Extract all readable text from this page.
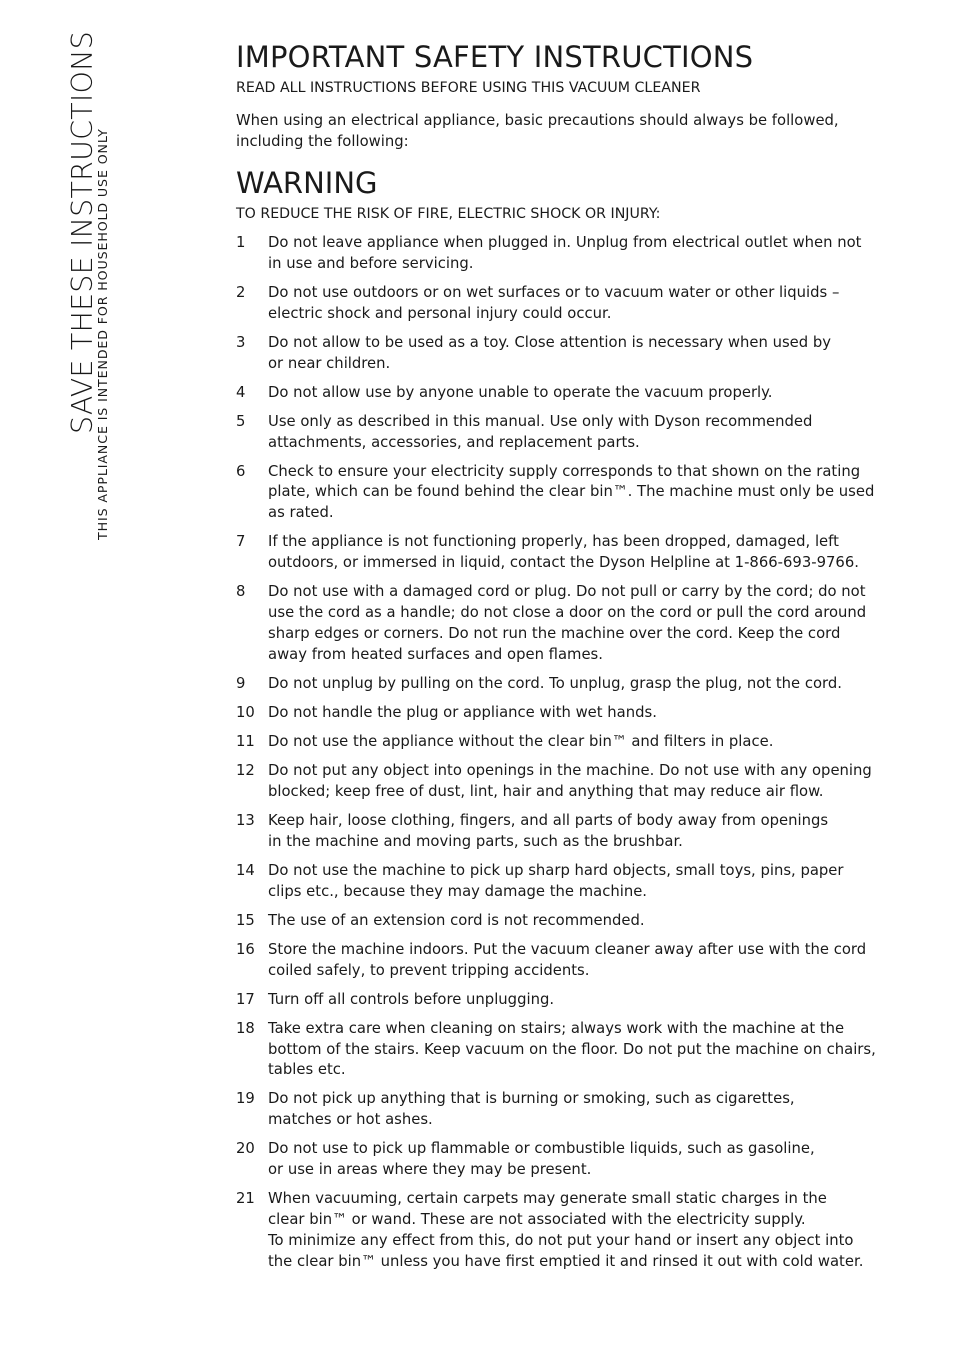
SAVE THESE INSTRUCTIONS
THIS APPLIANCE IS INTENDED FOR HOUSEHOLD USE ONLY
IMPORTANT SAFETY INSTRUCTIONS
READ ALL INSTRUCTIONS BEFORE USING THIS VACUUM CLEANER

When using an electrical appliance, basic precautions should always be followed,
including the following:

WARNING
TO REDUCE THE RISK OF FIRE, ELECTRIC SHOCK OR INJURY:
1 Do not leave appliance when plugged in. Unplug from electrical outlet when not
in use and before servicing.
2 Do not use outdoors or on wet surfaces or to vacuum water or other liquids –
electric shock and personal injury could occur.
3 Do not allow to be used as a toy. Close attention is necessary when used by
or near children.
4 Do not allow use by anyone unable to operate the vacuum properly.
5 Use only as described in this manual. Use only with Dyson recommended
attachments, accessories, and replacement parts.
6 Check to ensure your electricity supply corresponds to that shown on the rating
plate, which can be found behind the clear bin™. The machine must only be used
as rated.
7 If the appliance is not functioning properly, has been dropped, damaged, left
outdoors, or immersed in liquid, contact the Dyson Helpline at 1-866-693-9766.
8 Do not use with a damaged cord or plug. Do not pull or carry by the cord; do not
use the cord as a handle; do not close a door on the cord or pull the cord around
sharp edges or corners. Do not run the machine over the cord. Keep the cord
away from heated surfaces and open flames.
9 Do not unplug by pulling on the cord. To unplug, grasp the plug, not the cord.
10 Do not handle the plug or appliance with wet hands.
11 Do not use the appliance without the clear bin™ and filters in place.
12 Do not put any object into openings in the machine. Do not use with any opening
blocked; keep free of dust, lint, hair and anything that may reduce air flow.
13 Keep hair, loose clothing, fingers, and all parts of body away from openings
in the machine and moving parts, such as the brushbar.
14 Do not use the machine to pick up sharp hard objects, small toys, pins, paper
clips etc., because they may damage the machine.
15 The use of an extension cord is not recommended.
16 Store the machine indoors. Put the vacuum cleaner away after use with the cord
coiled safely, to prevent tripping accidents.
17 Turn off all controls before unplugging.
18 Take extra care when cleaning on stairs; always work with the machine at the
bottom of the stairs. Keep vacuum on the floor. Do not put the machine on chairs,
tables etc.
19 Do not pick up anything that is burning or smoking, such as cigarettes,
matches or hot ashes.
20 Do not use to pick up flammable or combustible liquids, such as gasoline,
or use in areas where they may be present.
21 When vacuuming, certain carpets may generate small static charges in the
clear bin™ or wand. These are not associated with the electricity supply.
To minimize any effect from this, do not put your hand or insert any object into
the clear bin™ unless you have first emptied it and rinsed it out with cold water.
